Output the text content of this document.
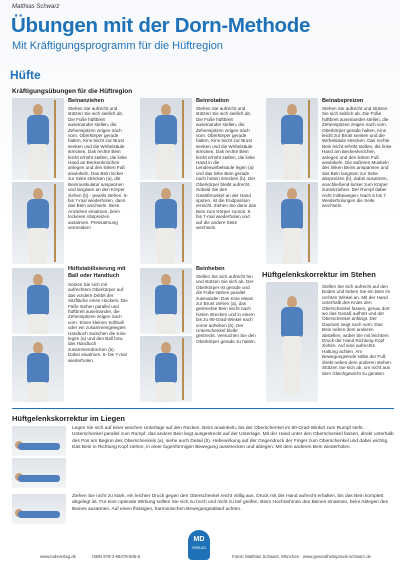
Matthias Schwarz
Übungen mit der Dorn-Methode
Mit Kräftigungsprogramm für die Hüftregion
Hüfte
Kräftigungsübungen für die Hüftregion
Beinanziehen
Stehen Sie aufrecht und stützen Sie sich seitlich ab. Die Füße hüftbreit auseinander stellen, die Zehenspitzen zeigen nach vorn. Oberkörper gerade halten, Kinn leicht zur Brust senken und die Wirbelsäule strecken. Das rechte Bein leicht erhöht stellen, die linke Hand an Beckenknochen anlegen und den linken Fuß anwinkeln. Das Bein locker zur Seite strecken (a), die Beinmuskulatur anspannen und langsam an den Körper ziehen (b) - jeweils stehen. 5- bis 7-mal wiederholen, dann das Bein wechseln. Beim Anziehen einatmen, beim lockeren Abspreizen ausatmen. Pressatmung vermeiden!
Beinrotation
Stehen Sie aufrecht und stützen Sie sich seitlich ab. Die Füße hüftbreit auseinander stellen, die Zehenspitzen zeigen nach vorn. Oberkörper gerade halten, Kinn leicht zur Brust senken und die Wirbelsäule strecken. Das rechte Bein leicht erhöht stellen, die linke Hand in die Lendenwirbelsäule legen (a) und das linke Bein gerade nach hinten strecken (b). Der Oberkörper bleibt aufrecht. Sobald Sie den Gesäßmuskel an der Hand spüren, ist die Endposition erreicht. Ziehen Sie dann das Bein zum Körper zurück. 5- bis 7-mal wiederholen und auf die andere Seite wechseln.
Beinabspreizen
Stehen Sie aufrecht und stützen Sie sich seitlich ab. Die Füße hüftbreit auseinander stellen, die Zehenspitzen zeigen nach vorn. Oberkörper gerade halten, Kinn leicht zur Brust senken und die Wirbelsäule strecken. Das rechte Bein leicht erhöht stellen, die linke Hand am Beckenknochen anlegen und den linken Fuß anwinkeln. Die äußeren Muskeln des linken Beins anspannen und das Bein langsam zur Seite abspreizen (b), dabei ausatmen, anschließend locker zum Körper zurückziehen. Der Rumpf dabei nicht mitbewegen. Nach 5 bis 7 Wiederholungen die Seite wechseln.
Hüftstabilisierung mit Ball oder Handtuch
Setzen Sie sich mit aufrechtem Oberkörper auf das vordere Drittel der Sitzfläche eines Hockers. Die Füße stehen parallel und hüftbreit auseinander, die Zehenspitzen zeigen nach vorn. Einen kleinen Softball oder ein zusammengelegtes Handtuch zwischen die Knie legen (a) und den Ball bzw. das Handtuch zusammendrücken (b). Dabei einatmen. 5- bis 7-mal wiederholen.
Beinheben
Stellen Sie sich aufrecht hin und stützen Sie sich ab. Der Oberkörper ist gerade und die Füße stehen parallel zueinander. Das Knie etwas zur Brust ziehen (a), das gestreckte Bein leicht nach hinten strecken und in einem bis zu 90-Grad-Winkel nach vorne anheben (b). Der Unterschenkel bleibt gestreckt. Versuchen Sie den Oberkörper gerade zu halten.
Hüftgelenkskorrektur im Stehen
Stellen Sie sich aufrecht auf den Boden und heben Sie ein Bein im rechten Winkel an. Mit der Hand unterhalb des Knies den Oberschenkel fassen, genau dort wo das Gesäß aufhört und der Oberschenkel anfängt. Der Daumen zeigt nach vorn. Das Bein neben dem anderen abstellen, wobei Sie mit leichtem Druck der Hand Richtung Kopf ziehen. Auf eine aufrechte Haltung achten. Am Bewegungsende sollte der Fuß direkt neben dem anderen stehen. Stützen Sie sich ab, um nicht aus dem Gleichgewicht zu geraten.
Hüftgelenkskorrektur im Liegen
Legen Sie sich auf einer weichen Unterlage auf den Rücken. Beim anwinkeln, bis der Oberschenkel im 90-Grad-Winkel zum Rumpf steht. Unterschenkel parallel zum Rumpf, das andere Bein liegt ausgestreckt auf der Unterlage. Mit der Hand unter den Oberschenkel fassen, direkt unterhalb des Pos am Beginn des Oberschenkels (a), siehe auch Detail (b). Hebewirkung auf der Gegendruck der Finger zum Oberschenkel und dabei wichtig. Das Bein in Richtung Kopf ziehen, in einer fugenförmigen Bewegung ausstrecken und ablegen. Mit dem anderen Bein wiederholen.
Ziehen Sie nicht zu stark, ein leichter Druck gegen den Oberschenkel reicht völlig aus. Druck mit der Hand aufrecht erhalten, bis das Bein komplett abgelegt ist. Für eine optimale Wirkung sollten Sie sich zu hoch und nicht zu tief greifen. Beim Hochnehmen des Beines einatmen, beim Ablegen des Beines ausatmen. Auf einen flüssigen, harmonischen Bewegungsablauf achten.
MD
VERLAG
www.mdsverlag.de	ISBN 978-3-96478-835-5	Fotos: Matthias Schwarz, München · www.gesundheitspraxis-schwarz.de
